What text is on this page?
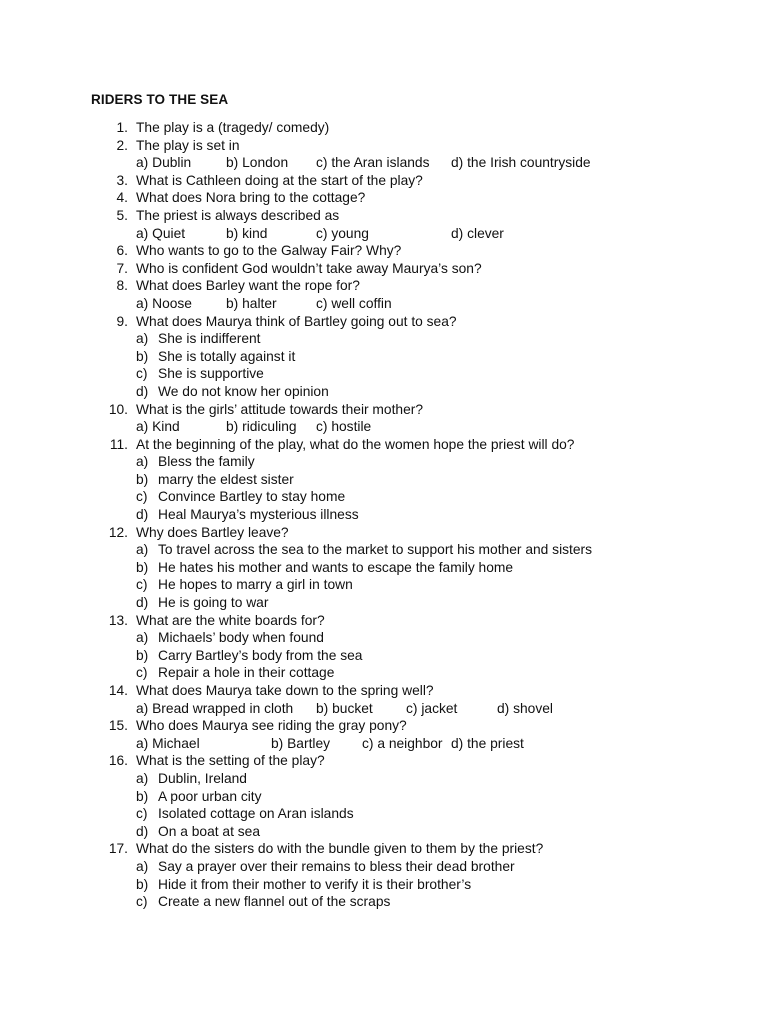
RIDERS TO THE SEA
1. The play is a (tragedy/ comedy)
2. The play is set in
a) Dublin	b) London c) the Aran islands d) the Irish countryside
3. What is Cathleen doing at the start of the play?
4. What does Nora bring to the cottage?
5. The priest is always described as
a) Quiet	b) kind	c) young	d) clever
6. Who wants to go to the Galway Fair? Why?
7. Who is confident God wouldn’t take away Maurya’s son?
8. What does Barley want the rope for?
a) Noose b) halter	c) well coffin
9. What does Maurya think of Bartley going out to sea?
a) She is indifferent
b) She is totally against it
c) She is supportive
d) We do not know her opinion
10. What is the girls’ attitude towards their mother?
a) Kind	b) ridiculing c) hostile
11. At the beginning of the play, what do the women hope the priest will do?
a) Bless the family
b) marry the eldest sister
c) Convince Bartley to stay home
d) Heal Maurya’s mysterious illness
12. Why does Bartley leave?
a) To travel across the sea to the market to support his mother and sisters
b) He hates his mother and wants to escape the family home
c) He hopes to marry a girl in town
d) He is going to war
13. What are the white boards for?
a) Michaels’ body when found
b) Carry Bartley’s body from the sea
c) Repair a hole in their cottage
14. What does Maurya take down to the spring well?
a) Bread wrapped in cloth b) bucket c) jacket	d) shovel
15. Who does Maurya see riding the gray pony?
a) Michael	b) Bartley c) a neighbor d) the priest
16. What is the setting of the play?
a) Dublin, Ireland
b) A poor urban city
c) Isolated cottage on Aran islands
d) On a boat at sea
17. What do the sisters do with the bundle given to them by the priest?
a) Say a prayer over their remains to bless their dead brother
b) Hide it from their mother to verify it is their brother’s
c) Create a new flannel out of the scraps
